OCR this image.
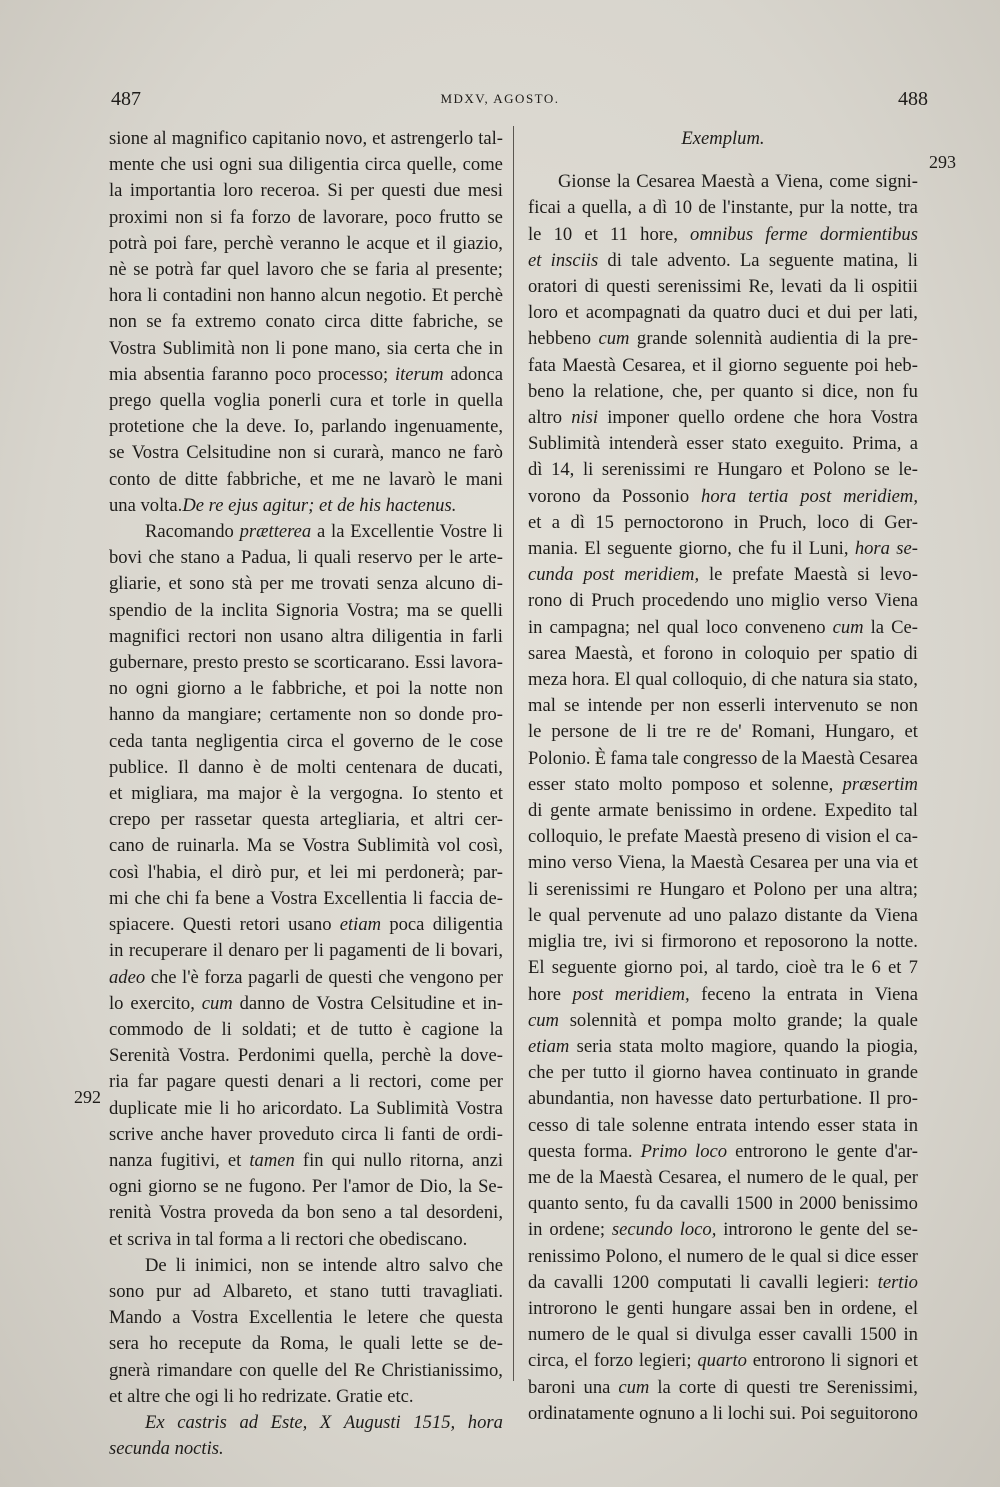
487	MDXV, AGOSTO.	488
292
293
sione al magnifico capitanio novo, et astrengerlo tal-
mente che usi ogni sua diligentia circa quelle, come
la importantia loro receroa. Si per questi due mesi
proximi non si fa forzo de lavorare, poco frutto se
potrà poi fare, perchè veranno le acque et il giazio,
nè se potrà far quel lavoro che se faria al presente;
hora li contadini non hanno alcun negotio. Et perchè
non se fa extremo conato circa ditte fabriche, se
Vostra Sublimità non li pone mano, sia certa che in
mia absentia faranno poco processo; iterum adonca
prego quella voglia ponerli cura et torle in quella
protetione che la deve. Io, parlando ingenuamente,
se Vostra Celsitudine non si curarà, manco ne farò
conto de ditte fabbriche, et me ne lavarò le mani
una volta. De re ejus agitur; et de his hactenus.
Racomando prætterea a la Excellentie Vostre li
bovi che stano a Padua, li quali reservo per le arte-
gliarie, et sono stà per me trovati senza alcuno di-
spendio de la inclita Signoria Vostra; ma se quelli
magnifici rectori non usano altra diligentia in farli
gubernare, presto presto se scorticarano. Essi lavora-
no ogni giorno a le fabbriche, et poi la notte non
hanno da mangiare; certamente non so donde pro-
ceda tanta negligentia circa el governo de le cose
publice. Il danno è de molti centenara de ducati,
et migliara, ma major è la vergogna. Io stento et
crepo per rassetar questa artegliaria, et altri cer-
cano de ruinarla. Ma se Vostra Sublimità vol così,
così l'habia, el dirò pur, et lei mi perdonerà; par-
mi che chi fa bene a Vostra Excellentia li faccia de-
spiacere. Questi retori usano etiam poca diligentia
in recuperare il denaro per li pagamenti de li bovari,
adeo che l'è forza pagarli de questi che vengono per
lo exercito, cum danno de Vostra Celsitudine et in-
commodo de li soldati; et de tutto è cagione la
Serenità Vostra. Perdonimi quella, perchè la dove-
ria far pagare questi denari a li rectori, come per
duplicate mie li ho aricordato. La Sublimità Vostra
scrive anche haver proveduto circa li fanti de ordi-
nanza fugitivi, et tamen fin qui nullo ritorna, anzi
ogni giorno se ne fugono. Per l'amor de Dio, la Se-
renità Vostra proveda da bon seno a tal desordeni,
et scriva in tal forma a li rectori che obediscano.
De li inimici, non se intende altro salvo che
sono pur ad Albareto, et stano tutti travagliati.
Mando a Vostra Excellentia le letere che questa
sera ho recepute da Roma, le quali lette se de-
gnerà rimandare con quelle del Re Christianissimo,
et altre che ogi li ho redrizate. Gratie etc.
Ex castris ad Este, X Augusti 1515, hora
secunda noctis.
Exemplum.
Gionse la Cesarea Maestà a Viena, come signi-
ficai a quella, a dì 10 de l'instante, pur la notte, tra
le 10 et 11 hore, omnibus ferme dormientibus
et insciis di tale advento. La seguente matina, li
oratori di questi serenissimi Re, levati da li ospitii
loro et acompagnati da quatro duci et dui per lati,
hebbeno cum grande solennità audientia di la pre-
fata Maestà Cesarea, et il giorno seguente poi heb-
beno la relatione, che, per quanto si dice, non fu
altro nisi imponer quello ordene che hora Vostra
Sublimità intenderà esser stato exeguito. Prima, a
dì 14, li serenissimi re Hungaro et Polono se le-
vorono da Possonio hora tertia post meridiem,
et a dì 15 pernoctorono in Pruch, loco di Ger-
mania. El seguente giorno, che fu il Luni, hora se-
cunda post meridiem, le prefate Maestà si levo-
rono di Pruch procedendo uno miglio verso Viena
in campagna; nel qual loco conveneno cum la Ce-
sarea Maestà, et forono in coloquio per spatio di
meza hora. El qual colloquio, di che natura sia stato,
mal se intende per non esserli intervenuto se non
le persone de li tre re de' Romani, Hungaro, et
Polonio. È fama tale congresso de la Maestà Cesarea
esser stato molto pomposo et solenne, præsertim
di gente armate benissimo in ordene. Expedito tal
colloquio, le prefate Maestà preseno di vision el ca-
mino verso Viena, la Maestà Cesarea per una via et
li serenissimi re Hungaro et Polono per una altra;
le qual pervenute ad uno palazo distante da Viena
miglia tre, ivi si firmorono et reposorono la notte.
El seguente giorno poi, al tardo, cioè tra le 6 et 7
hore post meridiem, feceno la entrata in Viena
cum solennità et pompa molto grande; la quale
etiam seria stata molto magiore, quando la piogia,
che per tutto il giorno havea continuato in grande
abundantia, non havesse dato perturbatione. Il pro-
cesso di tale solenne entrata intendo esser stata in
questa forma. Primo loco entrorono le gente d'ar-
me de la Maestà Cesarea, el numero de le qual, per
quanto sento, fu da cavalli 1500 in 2000 benissimo
in ordene; secundo loco, introrono le gente del se-
renissimo Polono, el numero de le qual si dice esser
da cavalli 1200 computati li cavalli legieri: tertio
introrono le genti hungare assai ben in ordene, el
numero de le qual si divulga esser cavalli 1500 in
circa, el forzo legieri; quarto entrorono li signori et
baroni una cum la corte di questi tre Serenissimi,
ordinatamente ognuno a li lochi sui. Poi seguitorono
